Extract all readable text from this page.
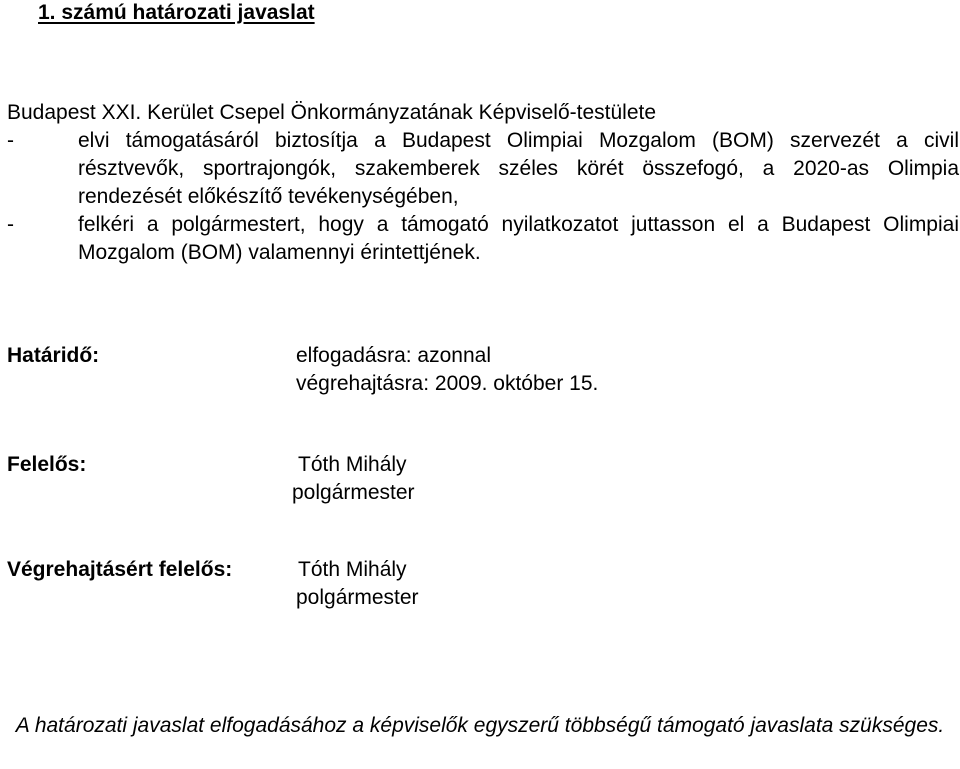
1. számú határozati javaslat
Budapest XXI. Kerület Csepel Önkormányzatának Képviselő-testülete
-	elvi támogatásáról biztosítja a Budapest Olimpiai Mozgalom (BOM) szervezét a civil résztvevők, sportrajongók, szakemberek széles körét összefogó, a 2020-as Olimpia rendezését előkészítő tevékenységében,
-	felkéri a polgármestert, hogy a támogató nyilatkozatot juttasson el a Budapest Olimpiai Mozgalom (BOM) valamennyi érintettjének.
Határidő:	elfogadásra: azonnal
végrehajtásra: 2009. október 15.
Felelős:	Tóth Mihály
polgármester
Végrehajtásért felelős:	Tóth Mihály
polgármester
A határozati javaslat elfogadásához a képviselők egyszerű többségű támogató javaslata szükséges.
